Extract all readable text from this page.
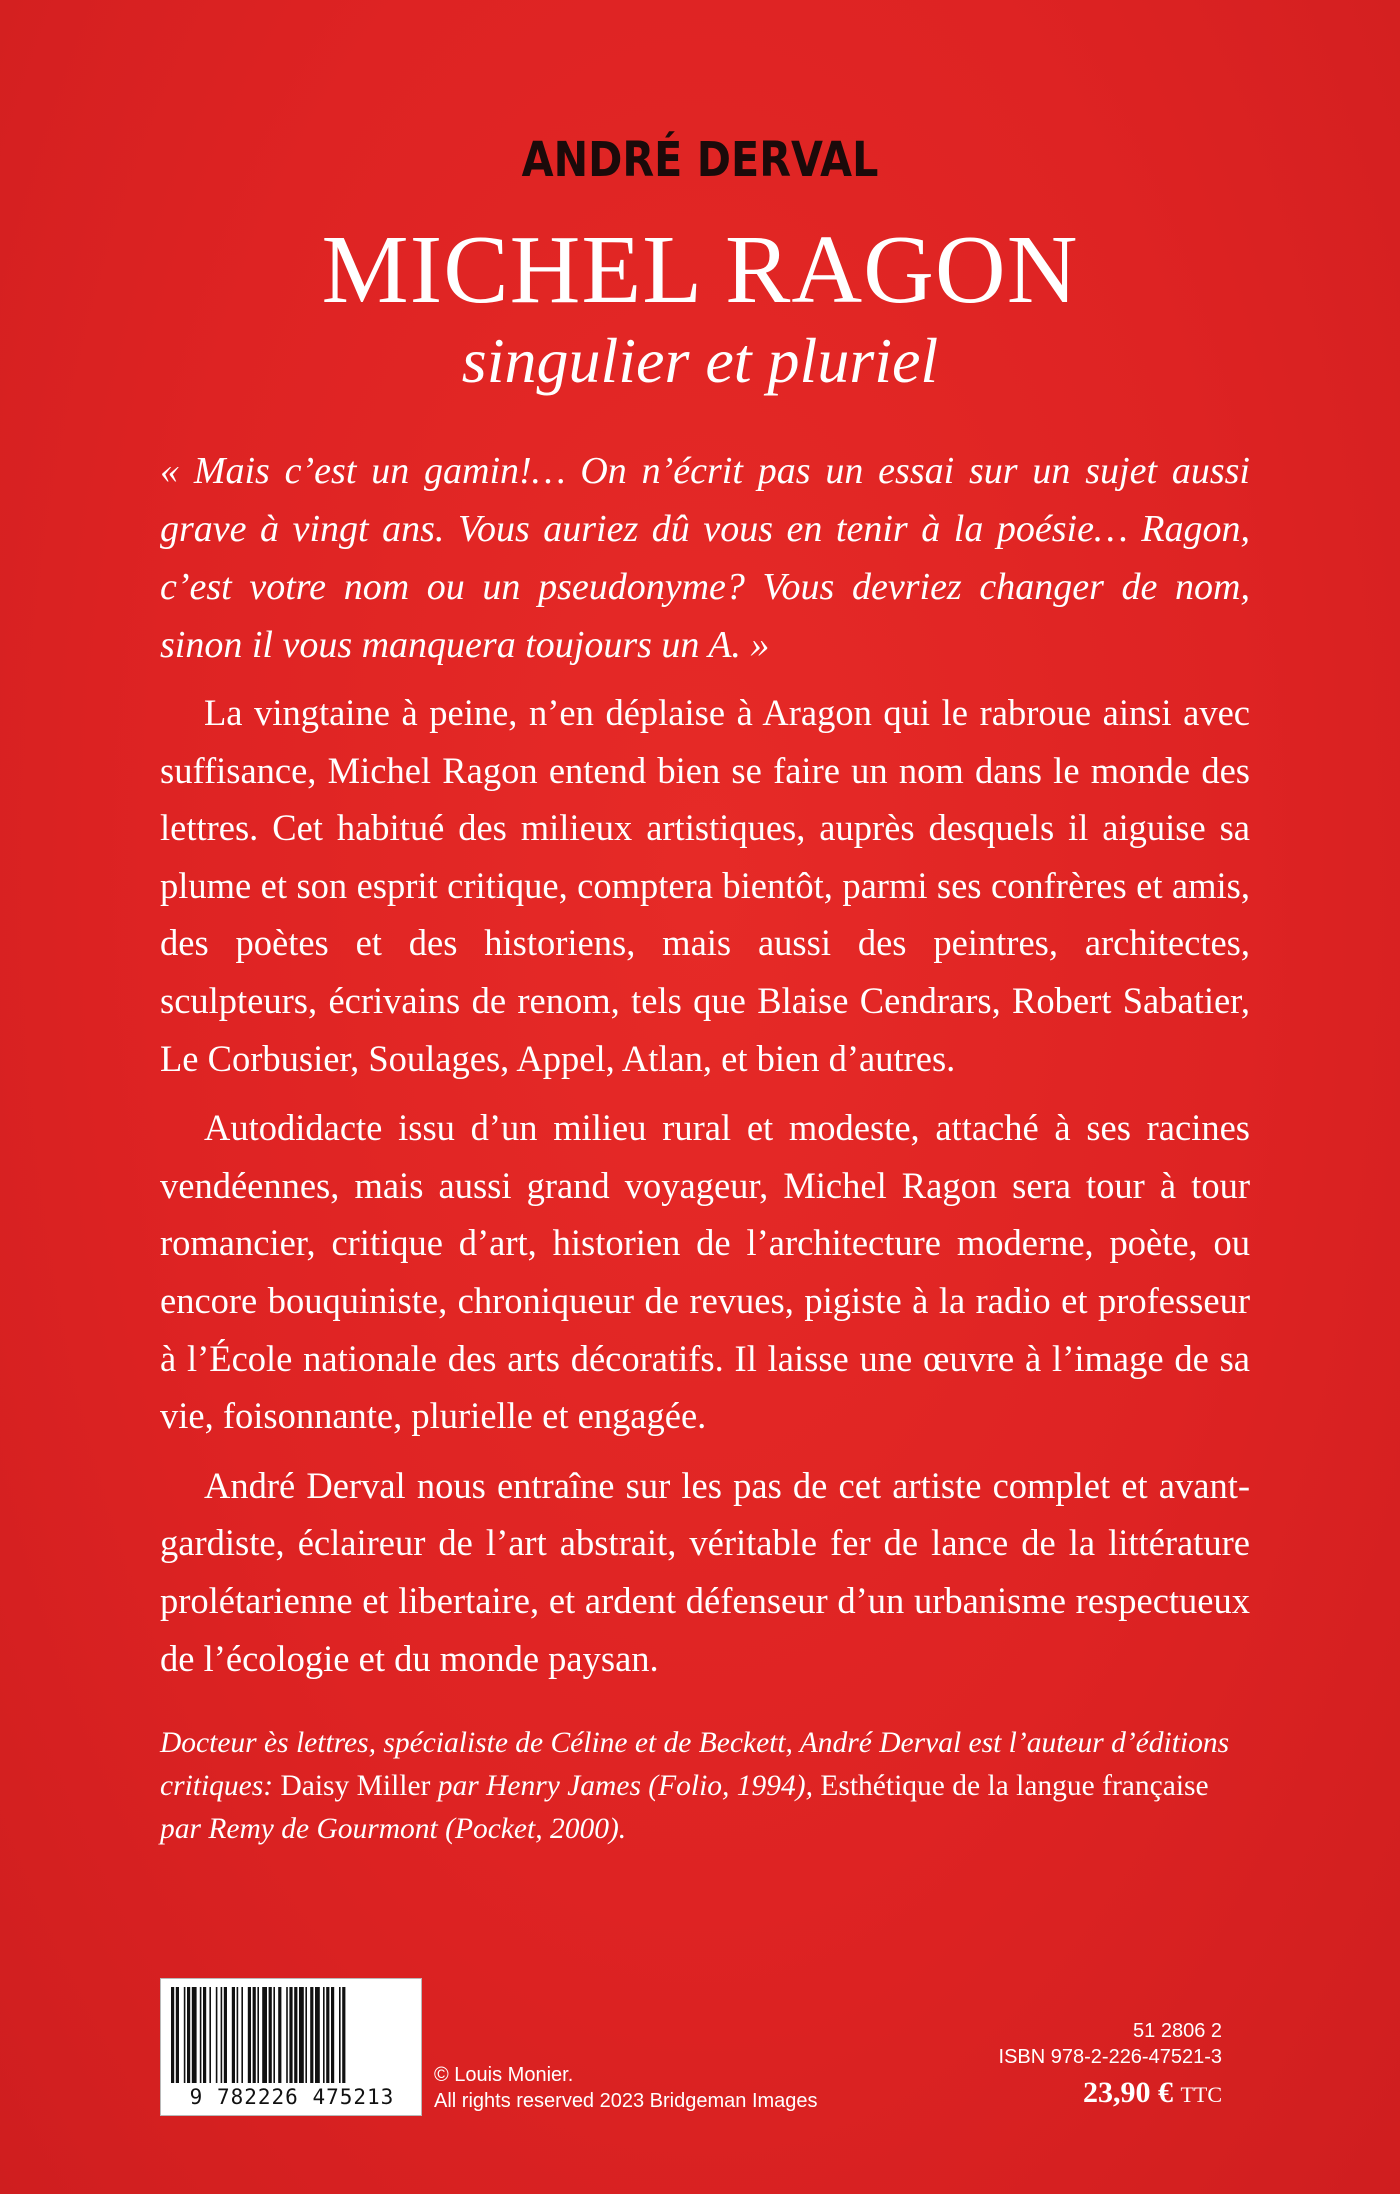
ANDRÉ DERVAL
MICHEL RAGON
singulier et pluriel
« Mais c’est un gamin!… On n’écrit pas un essai sur un sujet aussi grave à vingt ans. Vous auriez dû vous en tenir à la poésie… Ragon, c’est votre nom ou un pseudonyme? Vous devriez changer de nom, sinon il vous manquera toujours un A. »

La vingtaine à peine, n’en déplaise à Aragon qui le rabroue ainsi avec suffisance, Michel Ragon entend bien se faire un nom dans le monde des lettres. Cet habitué des milieux artistiques, auprès desquels il aiguise sa plume et son esprit critique, comptera bientôt, parmi ses confrères et amis, des poètes et des historiens, mais aussi des peintres, architectes, sculpteurs, écrivains de renom, tels que Blaise Cendrars, Robert Sabatier, Le Corbusier, Soulages, Appel, Atlan, et bien d’autres.

Autodidacte issu d’un milieu rural et modeste, attaché à ses racines vendéennes, mais aussi grand voyageur, Michel Ragon sera tour à tour romancier, critique d’art, historien de l’architecture moderne, poète, ou encore bouquiniste, chroniqueur de revues, pigiste à la radio et professeur à l’École nationale des arts décoratifs. Il laisse une œuvre à l’image de sa vie, foisonnante, plurielle et engagée.

André Derval nous entraîne sur les pas de cet artiste complet et avant-gardiste, éclaireur de l’art abstrait, véritable fer de lance de la littérature prolétarienne et libertaire, et ardent défenseur d’un urbanisme respectueux de l’écologie et du monde paysan.

Docteur ès lettres, spécialiste de Céline et de Beckett, André Derval est l’auteur d’éditions critiques: Daisy Miller par Henry James (Folio, 1994), Esthétique de la langue française par Remy de Gourmont (Pocket, 2000).
9 782226 475213
© Louis Monier.
All rights reserved 2023 Bridgeman Images
51 2806 2
ISBN 978-2-226-47521-3
23,90 € TTC
